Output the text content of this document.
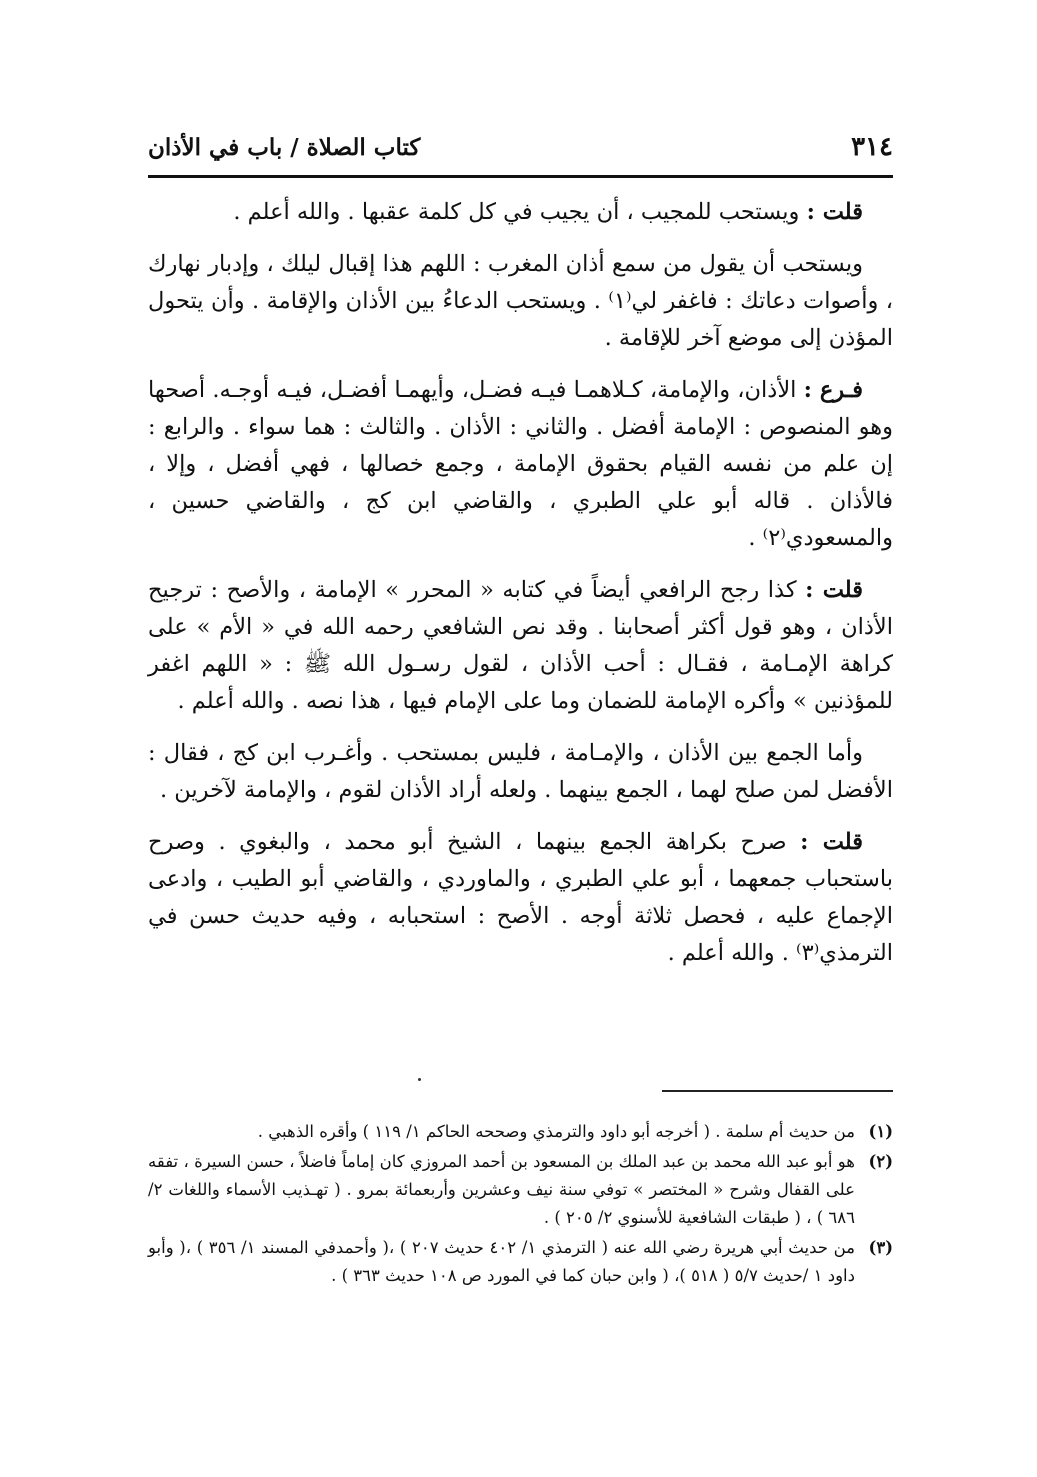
٣١٤
كتاب الصلاة / باب في الأذان

قلت : ويستحب للمجيب ، أن يجيب في كل كلمة عقبها . والله أعلم .

ويستحب أن يقول من سمع أذان المغرب : اللهم هذا إقبال ليلك ، وإدبار نهارك ، وأصوات دعاتك : فاغفر لي⁽١⁾ . ويستحب الدعاءُ بين الأذان والإقامة . وأن يتحول المؤذن إلى موضع آخر للإقامة .

فـرع : الأذان، والإمامة، كـلاهمـا فيـه فضـل، وأيهمـا أفضـل، فيـه أوجـه. أصحها وهو المنصوص : الإمامة أفضل . والثاني : الأذان . والثالث : هما سواء . والرابع : إن علم من نفسه القيام بحقوق الإمامة ، وجمع خصالها ، فهي أفضل ، وإلا ، فالأذان . قاله أبو علي الطبري ، والقاضي ابن كج ، والقاضي حسين ، والمسعودي⁽٢⁾ .

قلت : كذا رجح الرافعي أيضاً في كتابه « المحرر » الإمامة ، والأصح : ترجيح الأذان ، وهو قول أكثر أصحابنا . وقد نص الشافعي رحمه الله في « الأم » على كراهة الإمـامة ، فقـال : أحب الأذان ، لقول رسـول الله ﷺ : « اللهم اغفر للمؤذنين » وأكره الإمامة للضمان وما على الإمام فيها ، هذا نصه . والله أعلم .

وأما الجمع بين الأذان ، والإمـامة ، فليس بمستحب . وأغـرب ابن كج ، فقال : الأفضل لمن صلح لهما ، الجمع بينهما . ولعله أراد الأذان لقوم ، والإمامة لآخرين .

قلت : صرح بكراهة الجمع بينهما ، الشيخ أبو محمد ، والبغوي . وصرح باستحباب جمعهما ، أبو علي الطبري ، والماوردي ، والقاضي أبو الطيب ، وادعى الإجماع عليه ، فحصل ثلاثة أوجه . الأصح : استحبابه ، وفيه حديث حسن في الترمذي⁽٣⁾ . والله أعلم .

(١)
من حديث أم سلمة . ( أخرجه أبو داود والترمذي وصححه الحاكم ١/ ١١٩ ) وأقره الذهبي .

(٢)
هو أبو عبد الله محمد بن عبد الملك بن المسعود بن أحمد المروزي كان إماماً فاضلاً ، حسن السيرة ، تفقه على القفال وشرح « المختصر » توفي سنة نيف وعشرين وأربعمائة بمرو . ( تهـذيب الأسماء واللغات ٢/ ٦٨٦ ) ، ( طبقات الشافعية للأسنوي ٢/ ٢٠٥ ) .

(٣)
من حديث أبي هريرة رضي الله عنه ( الترمذي ١/ ٤٠٢ حديث ٢٠٧ ) ،( وأحمدفي المسند ١/ ٣٥٦ ) ،( وأبو داود ١ /حديث ٥/٧ ( ٥١٨ )، ( وابن حبان كما في المورد ص ١٠٨ حديث ٣٦٣ ) .
